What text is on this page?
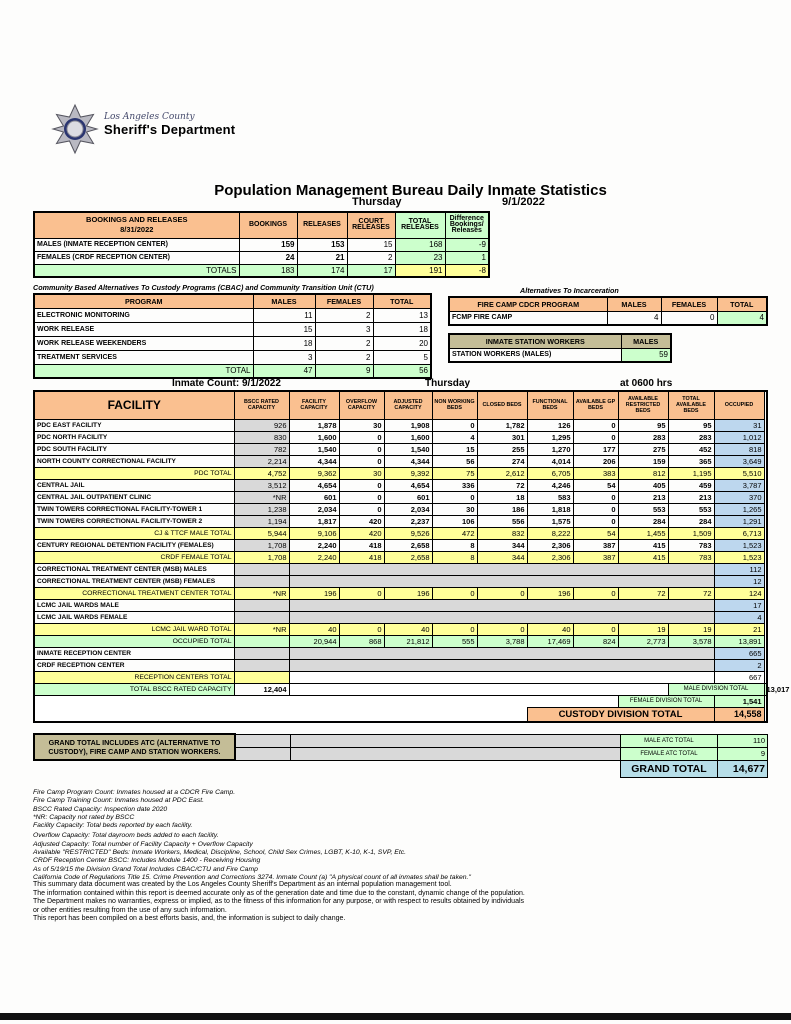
Los Angeles County
Sheriff's Department
Population Management Bureau Daily Inmate Statistics
Thursday	9/1/2022
BOOKINGS AND RELEASES
8/31/2022	BOOKINGS	RELEASES	COURT RELEASES	TOTAL RELEASES	Difference Bookings/ Releases
MALES (INMATE RECEPTION CENTER)	159	153	15	168	-9
FEMALES (CRDF RECEPTION CENTER)	24	21	2	23	1
TOTALS	183	174	17	191	-8
Community Based Alternatives To Custody Programs (CBAC) and Community Transition Unit (CTU)
PROGRAM	MALES	FEMALES	TOTAL
ELECTRONIC MONITORING	11	2	13
WORK RELEASE	15	3	18
WORK RELEASE WEEKENDERS	18	2	20
TREATMENT SERVICES	3	2	5
TOTAL	47	9	56
Alternatives To Incarceration
FIRE CAMP CDCR PROGRAM	MALES	FEMALES	TOTAL
FCMP FIRE CAMP	4	0	4
INMATE STATION WORKERS	MALES
STATION WORKERS (MALES)	59
Inmate Count: 9/1/2022	Thursday	at 0600 hrs
FACILITY	BSCC RATED CAPACITY	FACILITY CAPACITY	OVERFLOW CAPACITY	ADJUSTED CAPACITY	NON WORKING BEDS	CLOSED BEDS	FUNCTIONAL BEDS	AVAILABLE GP BEDS	AVAILABLE RESTRICTED BEDS	TOTAL AVAILABLE BEDS	OCCUPIED	
PDC EAST FACILITY	926	1,878	30	1,908	0	1,782	126	0	95	95	31	
PDC NORTH FACILITY	830	1,600	0	1,600	4	301	1,295	0	283	283	1,012	
PDC SOUTH FACILITY	782	1,540	0	1,540	15	255	1,270	177	275	452	818	
NORTH COUNTY CORRECTIONAL FACILITY	2,214	4,344	0	4,344	56	274	4,014	206	159	365	3,649	
PDC TOTAL	4,752	9,362	30	9,392	75	2,612	6,705	383	812	1,195	5,510	
CENTRAL JAIL	3,512	4,654	0	4,654	336	72	4,246	54	405	459	3,787	
CENTRAL JAIL OUTPATIENT CLINIC	*NR	601	0	601	0	18	583	0	213	213	370	
TWIN TOWERS CORRECTIONAL FACILITY-TOWER 1	1,238	2,034	0	2,034	30	186	1,818	0	553	553	1,265	
TWIN TOWERS CORRECTIONAL FACILITY-TOWER 2	1,194	1,817	420	2,237	106	556	1,575	0	284	284	1,291	
CJ & TTCF MALE TOTAL	5,944	9,106	420	9,526	472	832	8,222	54	1,455	1,509	6,713	
CENTURY REGIONAL DETENTION FACILITY (FEMALES)	1,708	2,240	418	2,658	8	344	2,306	387	415	783	1,523	
CRDF FEMALE TOTAL	1,708	2,240	418	2,658	8	344	2,306	387	415	783	1,523	
CORRECTIONAL TREATMENT CENTER (MSB) MALES											112	
CORRECTIONAL TREATMENT CENTER (MSB) FEMALES											12	
CORRECTIONAL TREATMENT CENTER TOTAL	*NR	196	0	196	0	0	196	0	72	72	124	
LCMC JAIL WARDS MALE											17	
LCMC JAIL WARDS FEMALE											4	
LCMC JAIL WARD TOTAL	*NR	40	0	40	0	0	40	0	19	19	21	
OCCUPIED TOTAL		20,944	868	21,812	555	3,788	17,469	824	2,773	3,578	13,891	
INMATE RECEPTION CENTER											665	
CRDF RECEPTION CENTER											2	
RECEPTION CENTERS TOTAL											667	
TOTAL BSCC RATED CAPACITY	12,404									MALE DIVISION TOTAL		13,017
									FEMALE DIVISION TOTAL		1,541	
							CUSTODY DIVISION TOTAL				14,558	
GRAND TOTAL INCLUDES ATC (ALTERNATIVE TO
CUSTODY), FIRE CAMP AND STATION WORKERS.			MALE ATC TOTAL	110
			FEMALE ATC TOTAL	9
			GRAND TOTAL	14,677
Fire Camp Program Count: Inmates housed at a CDCR Fire Camp.
Fire Camp Training Count: Inmates housed at PDC East.
BSCC Rated Capacity: Inspection date 2020
*NR: Capacity not rated by BSCC
Facility Capacity: Total beds reported by each facility.
Overflow Capacity: Total dayroom beds added to each facility.
Adjusted Capacity: Total number of Facility Capacity + Overflow Capacity
Available "RESTRICTED" Beds: Inmate Workers, Medical, Discipline, School, Child Sex Crimes, LGBT, K-10, K-1, SVP, Etc.
CRDF Reception Center BSCC: Includes Module 1400 - Receiving Housing
As of 5/19/15 the Division Grand Total Includes CBAC/CTU and Fire Camp
California Code of Regulations Title 15. Crime Prevention and Corrections 3274. Inmate Count (a) "A physical count of all inmates shall be taken."
This summary data document was created by the Los Angeles County Sheriff's Department as an internal population management tool.
The information contained within this report is deemed accurate only as of the generation date and time due to the constant, dynamic change of the population.
The Department makes no warranties, express or implied, as to the fitness of this information for any purpose, or with respect to results obtained by individuals
or other entities resulting from the use of any such information.
This report has been compiled on a best efforts basis, and, the information is subject to daily change.
